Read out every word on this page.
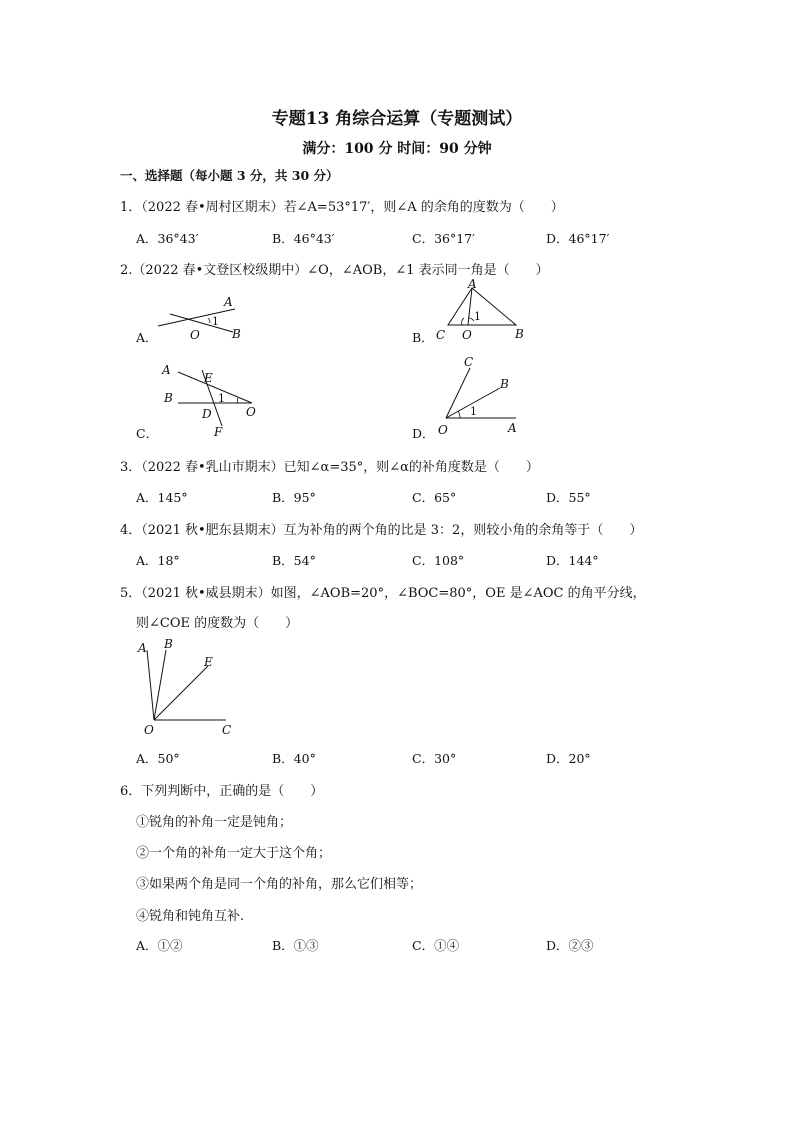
专题13 角综合运算（专题测试）
满分：100 分 时间：90 分钟
一、选择题（每小题 3 分，共 30 分）
1．（2022 春•周村区期末）若∠A=53°17′，则∠A 的余角的度数为（　　）
A．36°43′	B．46°43′	C．36°17′	D．46°17′
2.（2022 春•文登区校级期中）∠O，∠AOB，∠1 表示同一角是（　　）
A．
A
O	B
1
B．
A
C O	B
1
C．
A
E
B
D	O
F
1
D．
C
B
O	A
1
3．（2022 春•乳山市期末）已知∠α=35°，则∠α的补角度数是（　　）
A．145°	B．95°	C．65°	D．55°
4．（2021 秋•肥东县期末）互为补角的两个角的比是 3：2，则较小角的余角等于（　　）
A．18°	B．54°	C．108°	D．144°
5．（2021 秋•威县期末）如图，∠AOB=20°，∠BOC=80°，OE 是∠AOC 的角平分线，
则∠COE 的度数为（　　）
A B
E
O	C
A．50°	B．40°	C．30°	D．20°
6．下列判断中，正确的是（　　）
①锐角的补角一定是钝角；
②一个角的补角一定大于这个角；
③如果两个角是同一个角的补角，那么它们相等；
④锐角和钝角互补.
A．①②	B．①③	C．①④	D．②③
